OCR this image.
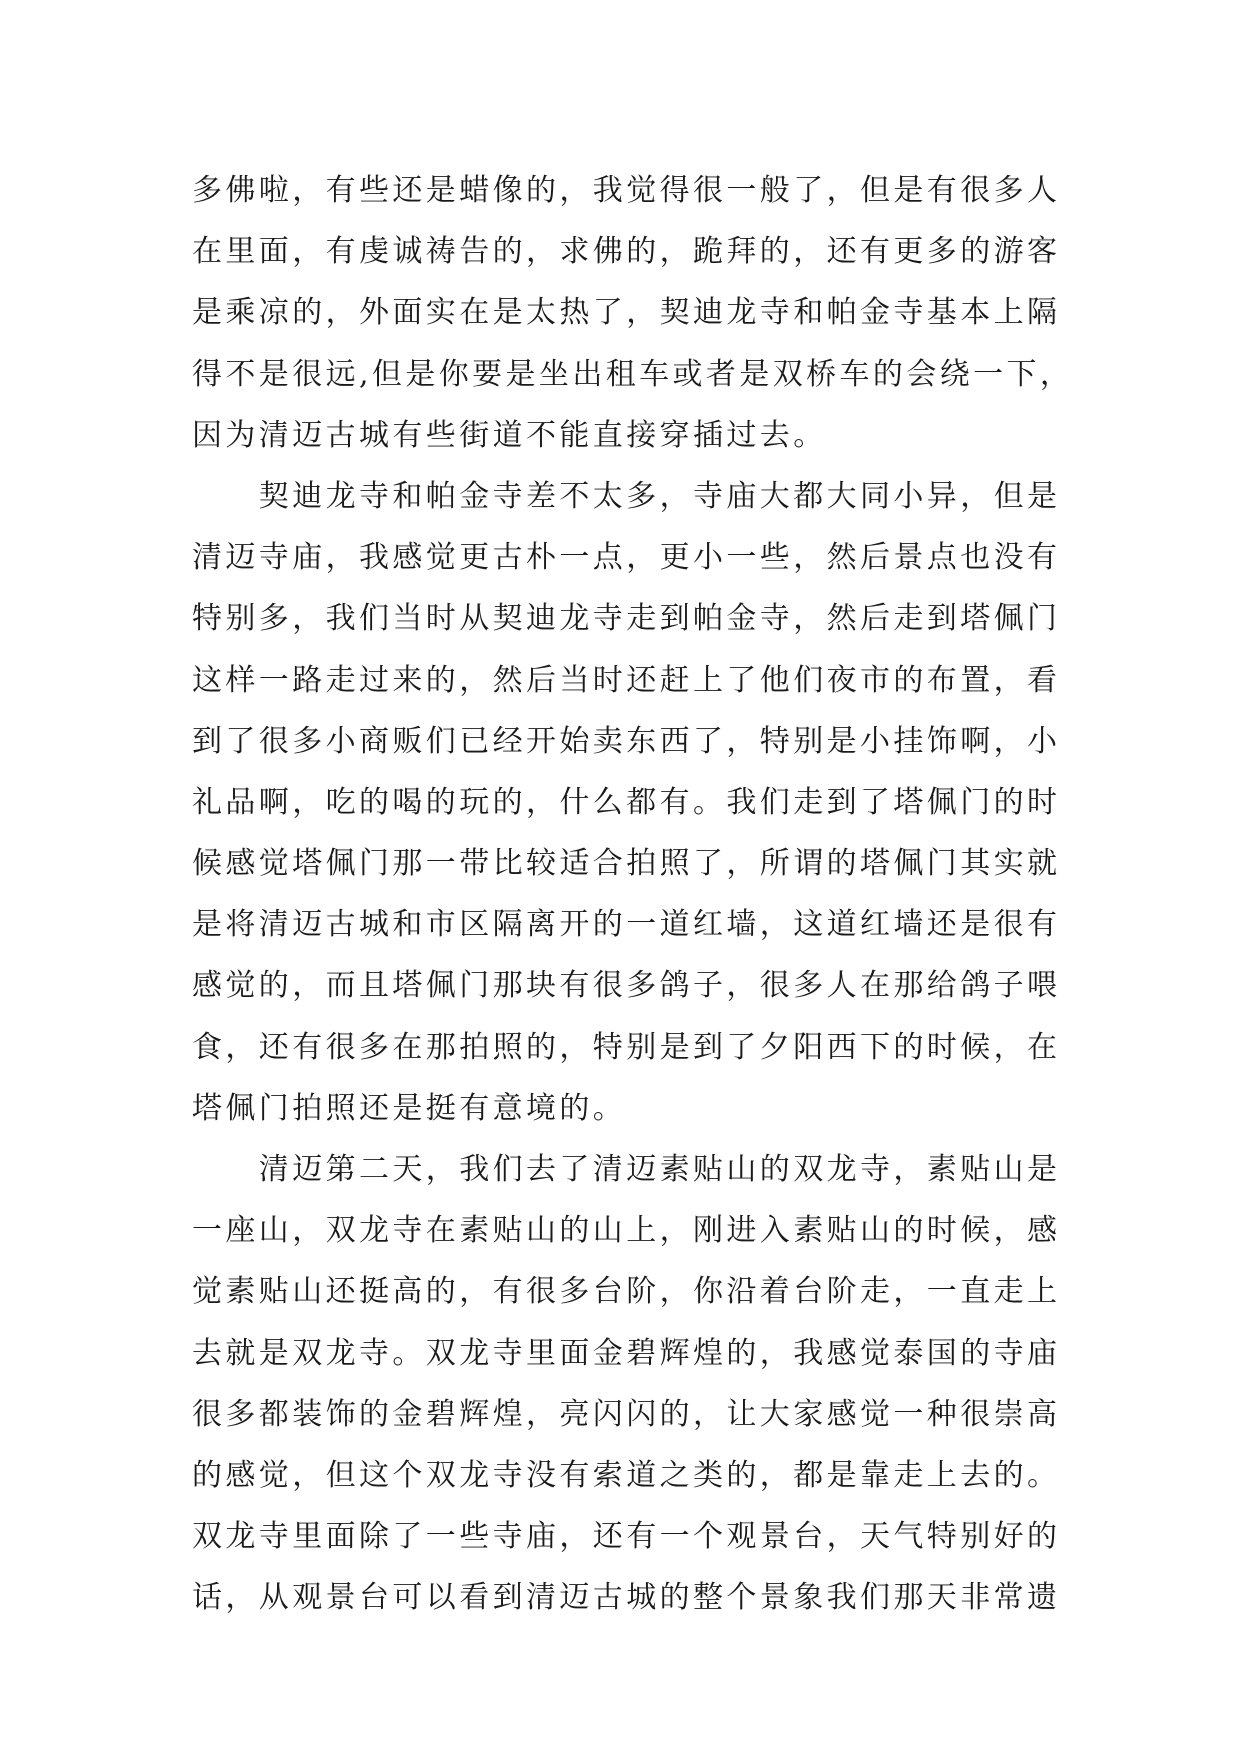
多佛啦，有些还是蜡像的，我觉得很一般了，但是有很多人
在里面，有虔诚祷告的，求佛的，跪拜的，还有更多的游客
是乘凉的，外面实在是太热了，契迪龙寺和帕金寺基本上隔
得不是很远,但是你要是坐出租车或者是双桥车的会绕一下，
因为清迈古城有些街道不能直接穿插过去。
　　契迪龙寺和帕金寺差不太多，寺庙大都大同小异，但是
清迈寺庙，我感觉更古朴一点，更小一些，然后景点也没有
特别多，我们当时从契迪龙寺走到帕金寺，然后走到塔佩门
这样一路走过来的，然后当时还赶上了他们夜市的布置，看
到了很多小商贩们已经开始卖东西了，特别是小挂饰啊，小
礼品啊，吃的喝的玩的，什么都有。我们走到了塔佩门的时
候感觉塔佩门那一带比较适合拍照了，所谓的塔佩门其实就
是将清迈古城和市区隔离开的一道红墙，这道红墙还是很有
感觉的，而且塔佩门那块有很多鸽子，很多人在那给鸽子喂
食，还有很多在那拍照的，特别是到了夕阳西下的时候，在
塔佩门拍照还是挺有意境的。
　　清迈第二天，我们去了清迈素贴山的双龙寺，素贴山是
一座山，双龙寺在素贴山的山上，刚进入素贴山的时候，感
觉素贴山还挺高的，有很多台阶，你沿着台阶走，一直走上
去就是双龙寺。双龙寺里面金碧辉煌的，我感觉泰国的寺庙
很多都装饰的金碧辉煌，亮闪闪的，让大家感觉一种很崇高
的感觉，但这个双龙寺没有索道之类的，都是靠走上去的。
双龙寺里面除了一些寺庙，还有一个观景台，天气特别好的
话，从观景台可以看到清迈古城的整个景象我们那天非常遗
